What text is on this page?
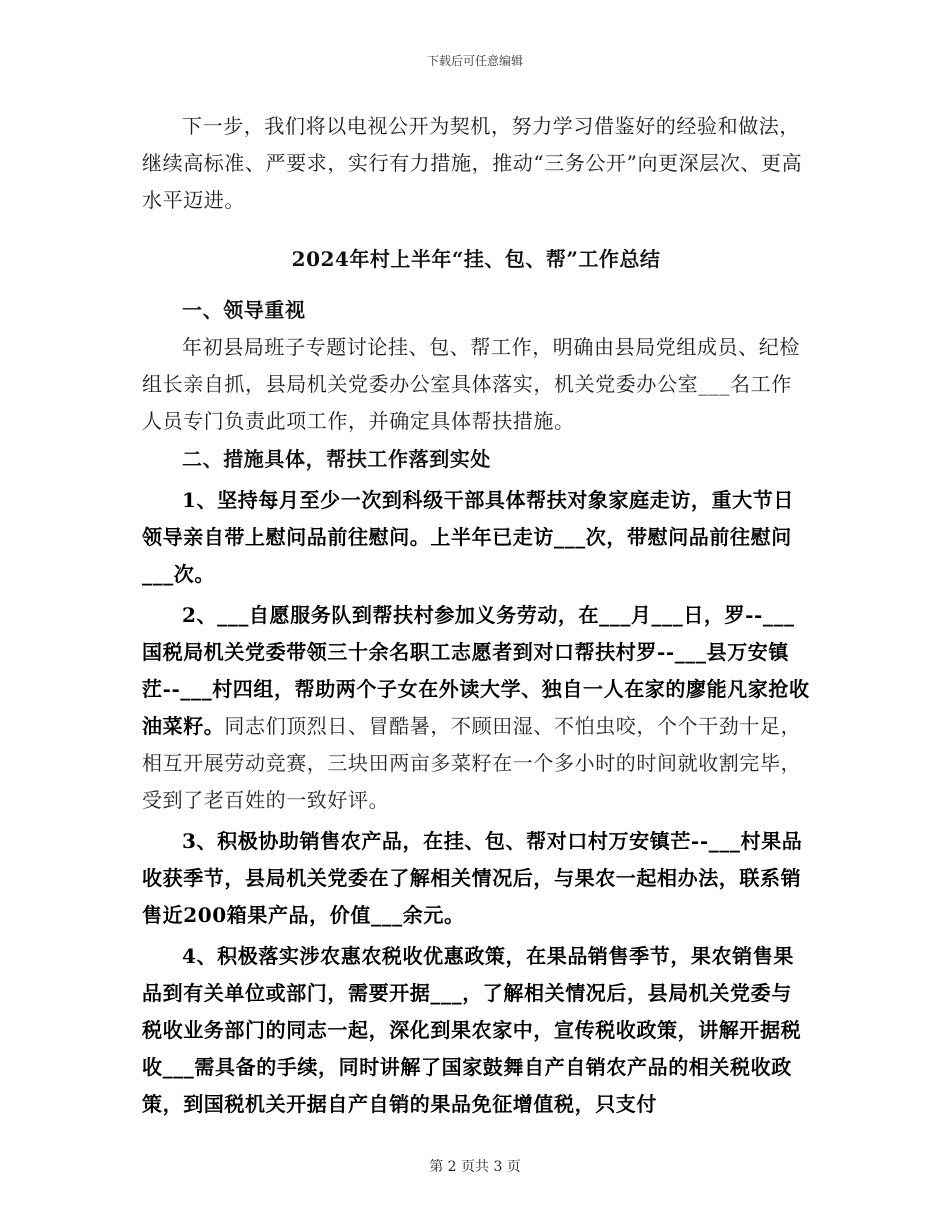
下载后可任意编辑

下一步，我们将以电视公开为契机，努力学习借鉴好的经验和做法，继续高标准、严要求，实行有力措施，推动“三务公开”向更深层次、更高水平迈进。

2024年村上半年“挂、包、帮”工作总结

一、领导重视

年初县局班子专题讨论挂、包、帮工作，明确由县局党组成员、纪检组长亲自抓，县局机关党委办公室具体落实，机关党委办公室___名工作人员专门负责此项工作，并确定具体帮扶措施。

二、措施具体，帮扶工作落到实处

1、坚持每月至少一次到科级干部具体帮扶对象家庭走访，重大节日领导亲自带上慰问品前往慰问。上半年已走访___次，带慰问品前往慰问___次。

2、___自愿服务队到帮扶村参加义务劳动，在___月___日，罗--___国税局机关党委带领三十余名职工志愿者到对口帮扶村罗--___县万安镇茳--___村四组，帮助两个子女在外读大学、独自一人在家的廖能凡家抢收油菜籽。同志们顶烈日、冒酷暑，不顾田湿、不怕虫咬，个个干劲十足，相互开展劳动竞赛，三块田两亩多菜籽在一个多小时的时间就收割完毕，受到了老百姓的一致好评。

3、积极协助销售农产品，在挂、包、帮对口村万安镇芒--___村果品收获季节，县局机关党委在了解相关情况后，与果农一起相办法，联系销售近200箱果产品，价值___余元。

4、积极落实涉农惠农税收优惠政策，在果品销售季节，果农销售果品到有关单位或部门，需要开据___，了解相关情况后，县局机关党委与税收业务部门的同志一起，深化到果农家中，宣传税收政策，讲解开据税收___需具备的手续，同时讲解了国家鼓舞自产自销农产品的相关税收政策，到国税机关开据自产自销的果品免征增值税，只支付

第 2 页共 3 页
